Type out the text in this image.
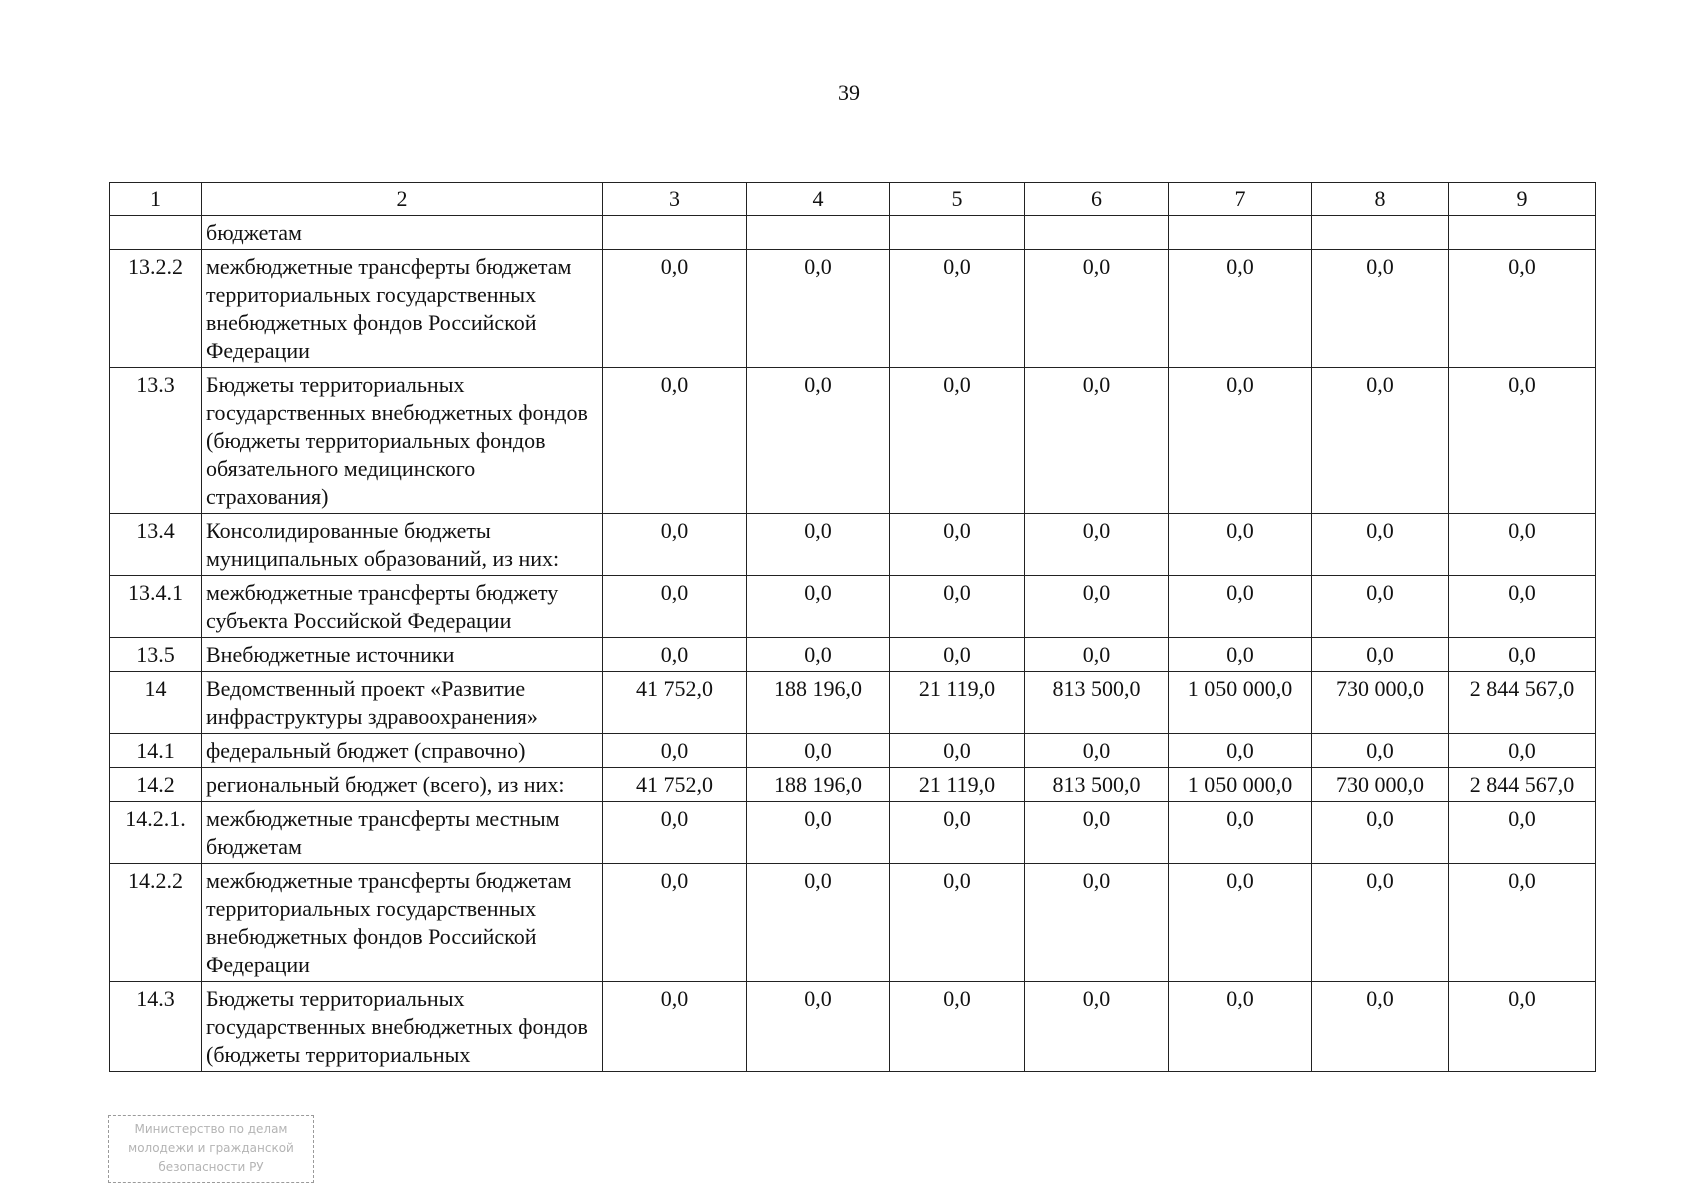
39
1	2	3	4	5	6	7	8	9
	бюджетам							
13.2.2	межбюджетные трансферты бюджетам территориальных государственных внебюджетных фондов Российской Федерации	0,0	0,0	0,0	0,0	0,0	0,0	0,0
13.3	Бюджеты территориальных государственных внебюджетных фондов (бюджеты территориальных фондов обязательного медицинского страхования)	0,0	0,0	0,0	0,0	0,0	0,0	0,0
13.4	Консолидированные бюджеты муниципальных образований, из них:	0,0	0,0	0,0	0,0	0,0	0,0	0,0
13.4.1	межбюджетные трансферты бюджету субъекта Российской Федерации	0,0	0,0	0,0	0,0	0,0	0,0	0,0
13.5	Внебюджетные источники	0,0	0,0	0,0	0,0	0,0	0,0	0,0
14	Ведомственный проект «Развитие инфраструктуры здравоохранения»	41 752,0	188 196,0	21 119,0	813 500,0	1 050 000,0	730 000,0	2 844 567,0
14.1	федеральный бюджет (справочно)	0,0	0,0	0,0	0,0	0,0	0,0	0,0
14.2	региональный бюджет (всего), из них:	41 752,0	188 196,0	21 119,0	813 500,0	1 050 000,0	730 000,0	2 844 567,0
14.2.1.	межбюджетные трансферты местным бюджетам	0,0	0,0	0,0	0,0	0,0	0,0	0,0
14.2.2	межбюджетные трансферты бюджетам территориальных государственных внебюджетных фондов Российской Федерации	0,0	0,0	0,0	0,0	0,0	0,0	0,0
14.3	Бюджеты территориальных государственных внебюджетных фондов (бюджеты территориальных	0,0	0,0	0,0	0,0	0,0	0,0	0,0
Министерство по делам
молодежи и гражданской
безопасности РУ
